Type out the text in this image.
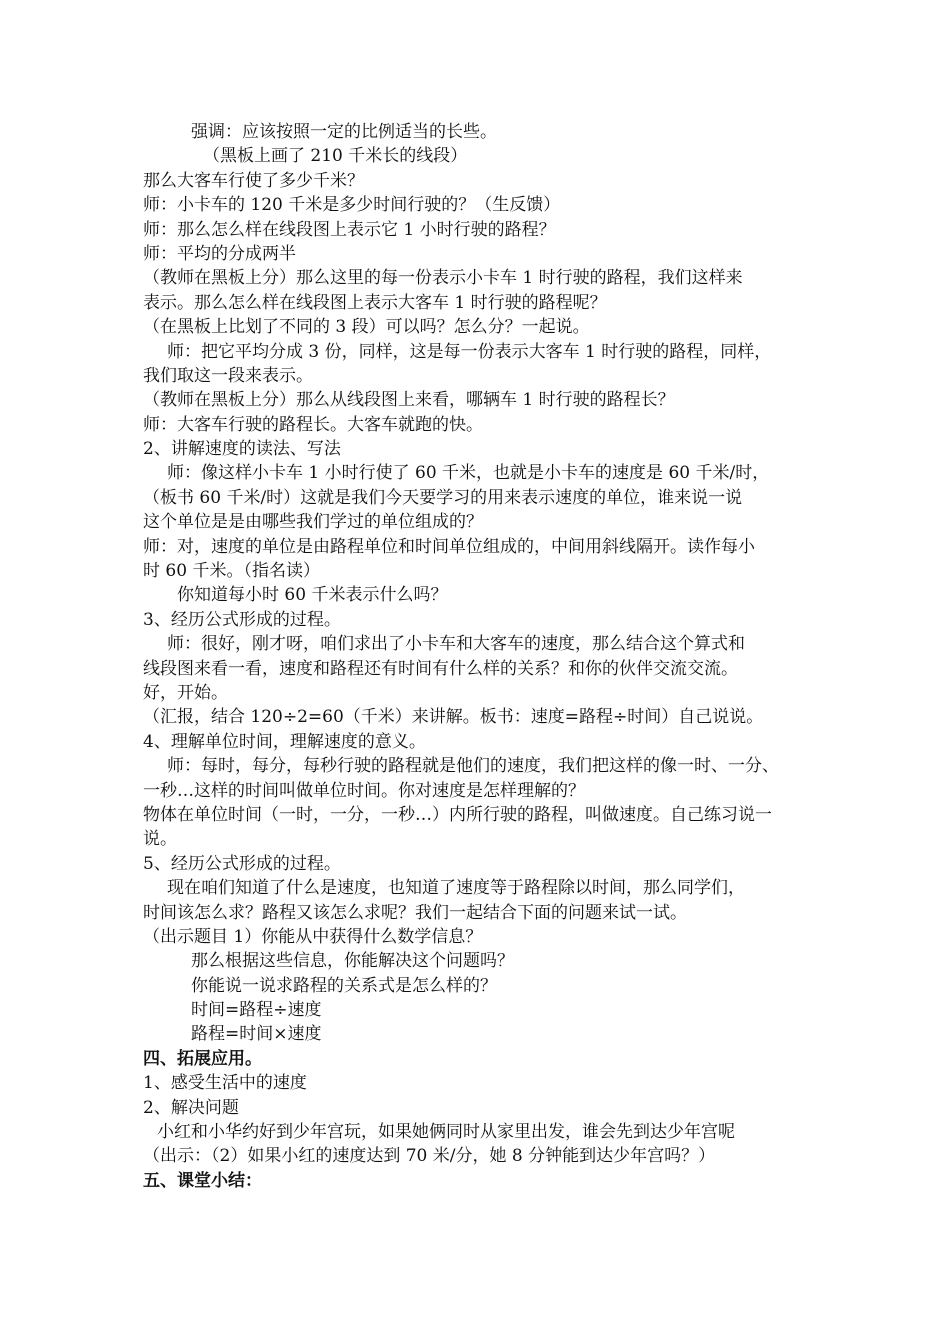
强调：应该按照一定的比例适当的长些。
（黑板上画了 210 千米长的线段）
那么大客车行使了多少千米？
师：小卡车的 120 千米是多少时间行驶的？（生反馈）
师：那么怎么样在线段图上表示它 1 小时行驶的路程？
师：平均的分成两半
（教师在黑板上分）那么这里的每一份表示小卡车 1 时行驶的路程，我们这样来
表示。那么怎么样在线段图上表示大客车 1 时行驶的路程呢？
（在黑板上比划了不同的 3 段）可以吗？怎么分？一起说。
师：把它平均分成 3 份，同样，这是每一份表示大客车 1 时行驶的路程，同样，
我们取这一段来表示。
（教师在黑板上分）那么从线段图上来看，哪辆车 1 时行驶的路程长？
师：大客车行驶的路程长。大客车就跑的快。
2、讲解速度的读法、写法
师：像这样小卡车 1 小时行使了 60 千米，也就是小卡车的速度是 60 千米/时，
（板书 60 千米/时）这就是我们今天要学习的用来表示速度的单位，谁来说一说
这个单位是是由哪些我们学过的单位组成的？
师：对，速度的单位是由路程单位和时间单位组成的，中间用斜线隔开。读作每小
时 60 千米。（指名读）
你知道每小时 60 千米表示什么吗？
3、经历公式形成的过程。
师：很好，刚才呀，咱们求出了小卡车和大客车的速度，那么结合这个算式和
线段图来看一看，速度和路程还有时间有什么样的关系？和你的伙伴交流交流。
好，开始。
（汇报，结合 120÷2=60（千米）来讲解。板书：速度=路程÷时间）自己说说。
4、理解单位时间，理解速度的意义。
师：每时，每分，每秒行驶的路程就是他们的速度，我们把这样的像一时、一分、
一秒…这样的时间叫做单位时间。你对速度是怎样理解的？
物体在单位时间（一时，一分，一秒…）内所行驶的路程，叫做速度。自己练习说一
说。
5、经历公式形成的过程。
现在咱们知道了什么是速度，也知道了速度等于路程除以时间，那么同学们，
时间该怎么求？路程又该怎么求呢？我们一起结合下面的问题来试一试。
（出示题目 1）你能从中获得什么数学信息？
那么根据这些信息，你能解决这个问题吗？
你能说一说求路程的关系式是怎么样的？
时间=路程÷速度
路程=时间×速度
四、拓展应用。
1、感受生活中的速度
2、解决问题
小红和小华约好到少年宫玩，如果她俩同时从家里出发，谁会先到达少年宫呢
（出示：（2）如果小红的速度达到 70 米/分，她 8 分钟能到达少年宫吗？）
五、课堂小结：
